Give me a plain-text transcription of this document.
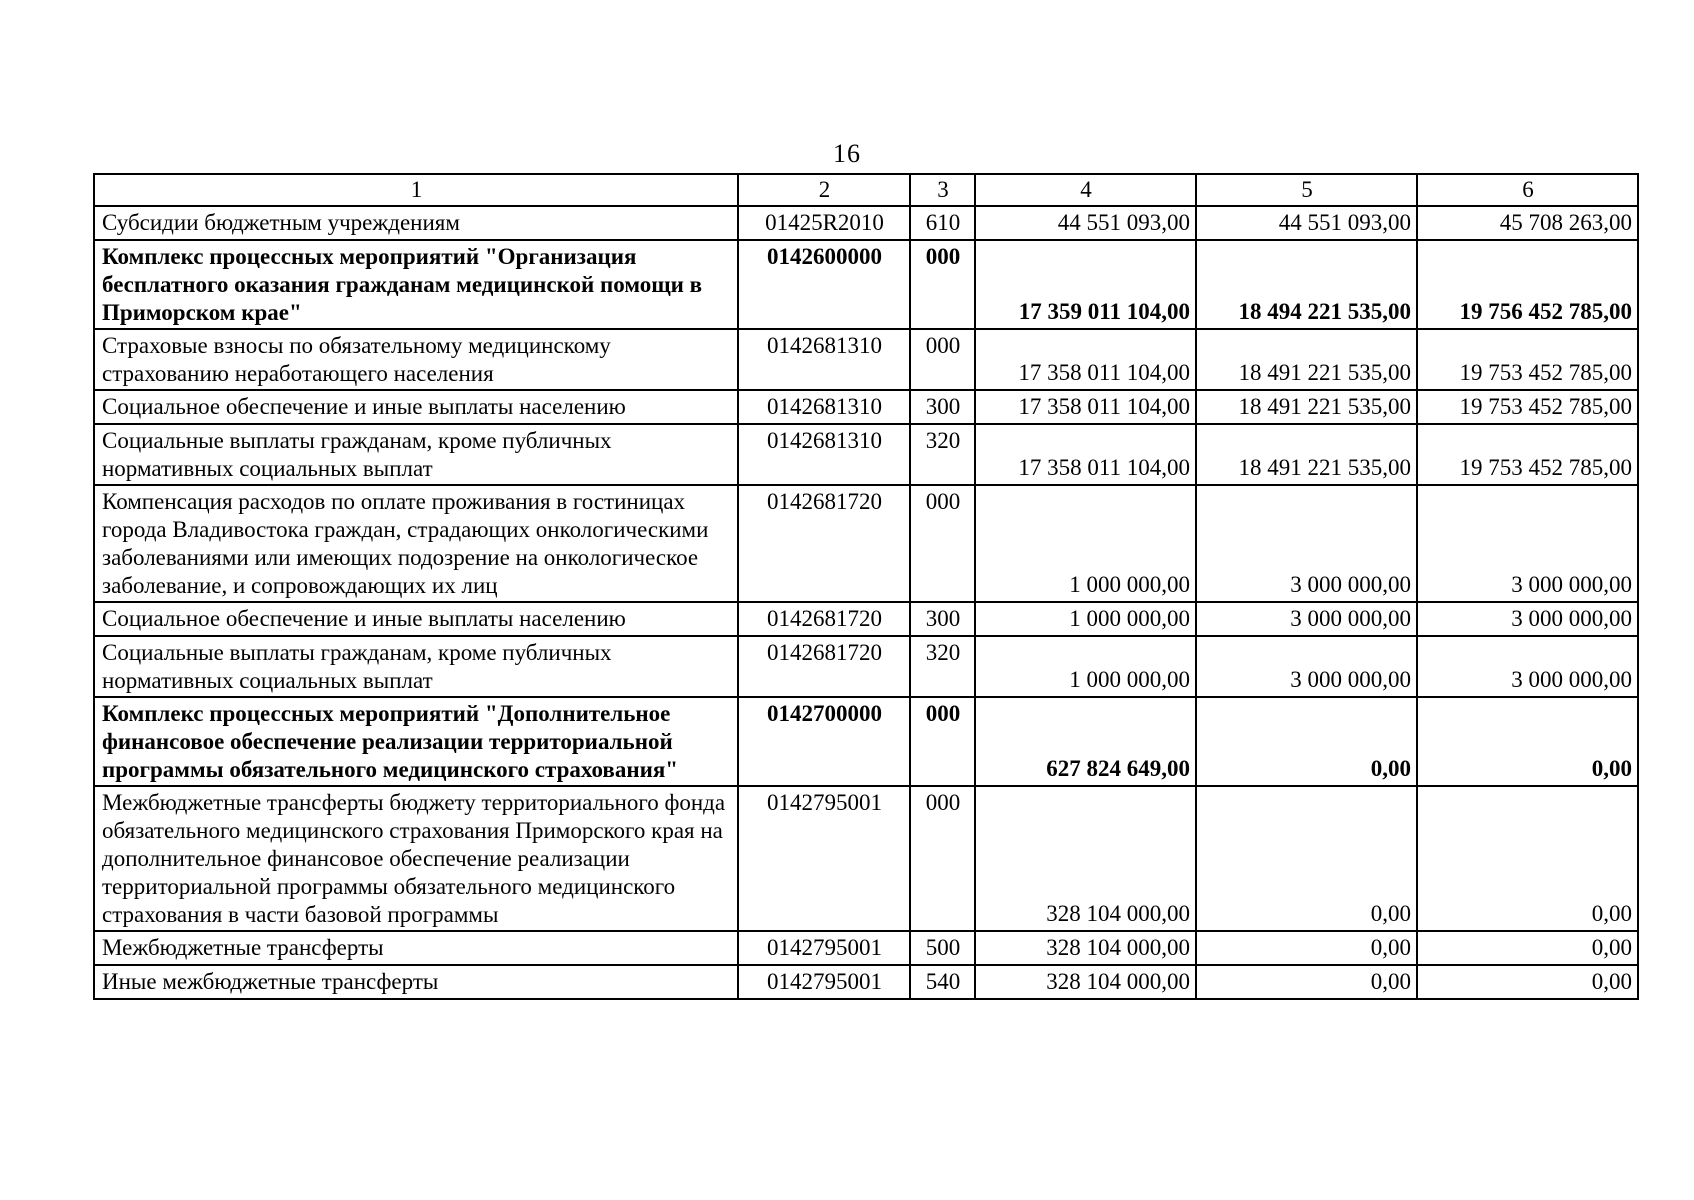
16
1	2	3	4	5	6
Субсидии бюджетным учреждениям	01425R2010	610	44 551 093,00	44 551 093,00	45 708 263,00
Комплекс процессных мероприятий "Организация бесплатного оказания гражданам медицинской помощи в Приморском крае"	0142600000	000	17 359 011 104,00	18 494 221 535,00	19 756 452 785,00
Страховые взносы по обязательному медицинскому страхованию неработающего населения	0142681310	000	17 358 011 104,00	18 491 221 535,00	19 753 452 785,00
Социальное обеспечение и иные выплаты населению	0142681310	300	17 358 011 104,00	18 491 221 535,00	19 753 452 785,00
Социальные выплаты гражданам, кроме публичных нормативных социальных выплат	0142681310	320	17 358 011 104,00	18 491 221 535,00	19 753 452 785,00
Компенсация расходов по оплате проживания в гостиницах города Владивостока граждан, страдающих онкологическими заболеваниями или имеющих подозрение на онкологическое заболевание, и сопровождающих их лиц	0142681720	000	1 000 000,00	3 000 000,00	3 000 000,00
Социальное обеспечение и иные выплаты населению	0142681720	300	1 000 000,00	3 000 000,00	3 000 000,00
Социальные выплаты гражданам, кроме публичных нормативных социальных выплат	0142681720	320	1 000 000,00	3 000 000,00	3 000 000,00
Комплекс процессных мероприятий "Дополнительное финансовое обеспечение реализации территориальной программы обязательного медицинского страхования"	0142700000	000	627 824 649,00	0,00	0,00
Межбюджетные трансферты бюджету территориального фонда обязательного медицинского страхования Приморского края на дополнительное финансовое обеспечение реализации территориальной программы обязательного медицинского страхования в части базовой программы	0142795001	000	328 104 000,00	0,00	0,00
Межбюджетные трансферты	0142795001	500	328 104 000,00	0,00	0,00
Иные межбюджетные трансферты	0142795001	540	328 104 000,00	0,00	0,00
